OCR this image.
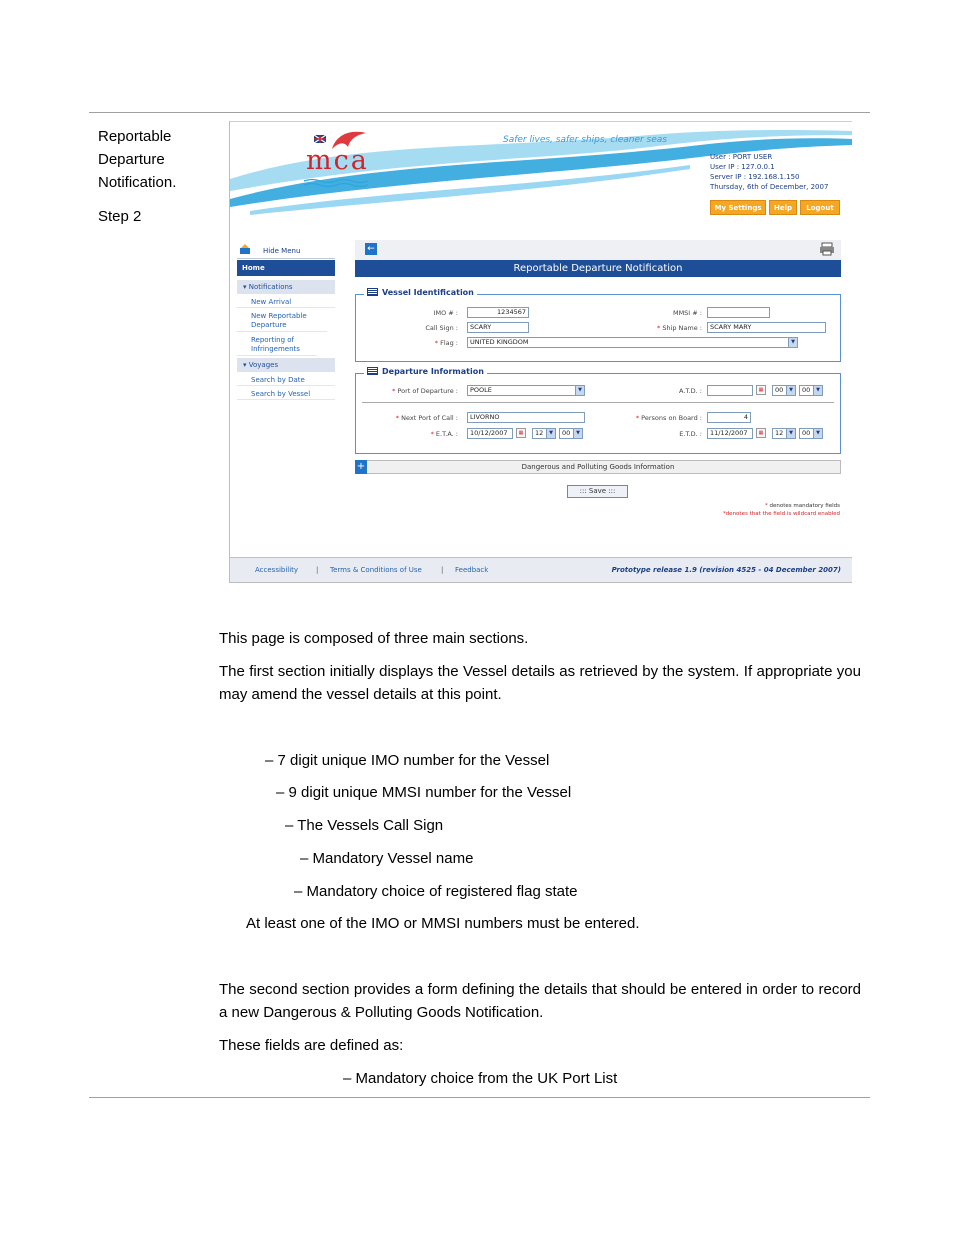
Reportable Departure Notification.
Step 2
mca
Safer lives, safer ships, cleaner seas
User : PORT USER
User IP : 127.0.0.1
Server IP : 192.168.1.150
Thursday, 6th of December, 2007
My Settings	Help	Logout
Hide Menu
Home
▾ Notifications
New Arrival
New Reportable Departure
Reporting of Infringements
▾ Voyages
Search by Date
Search by Vessel
←
Reportable Departure Notification
Vessel Identification
IMO # :	1234567	MMSI # :
Call Sign :	SCARY	* Ship Name :	SCARY MARY
* Flag :	UNITED KINGDOM	▼
Departure Information
* Port of Departure :	POOLE	▼	A.T.D. :	▦	00	▼	00	▼
* Next Port of Call :	LIVORNO	* Persons on Board :	4
* E.T.A. :	10/12/2007	▦	12	▼	00	▼	E.T.D. :	11/12/2007	▦	12	▼	00	▼
+	Dangerous and Polluting Goods Information
::: Save :::
* denotes mandatory fields
*denotes that the field is wildcard enabled
Accessibility	| Terms & Conditions of Use	| Feedback	Prototype release 1.9 (revision 4525 - 04 December 2007)
This page is composed of three main sections.
The first section initially displays the Vessel details as retrieved by the system. If appropriate you may amend the vessel details at this point.
– 7 digit unique IMO number for the Vessel
– 9 digit unique MMSI number for the Vessel
– The Vessels Call Sign
– Mandatory Vessel name
– Mandatory choice of registered flag state
At least one of the IMO or MMSI numbers must be entered.
The second section provides a form defining the details that should be entered in order to record a new Dangerous & Polluting Goods Notification.
These fields are defined as:
– Mandatory choice from the UK Port List
